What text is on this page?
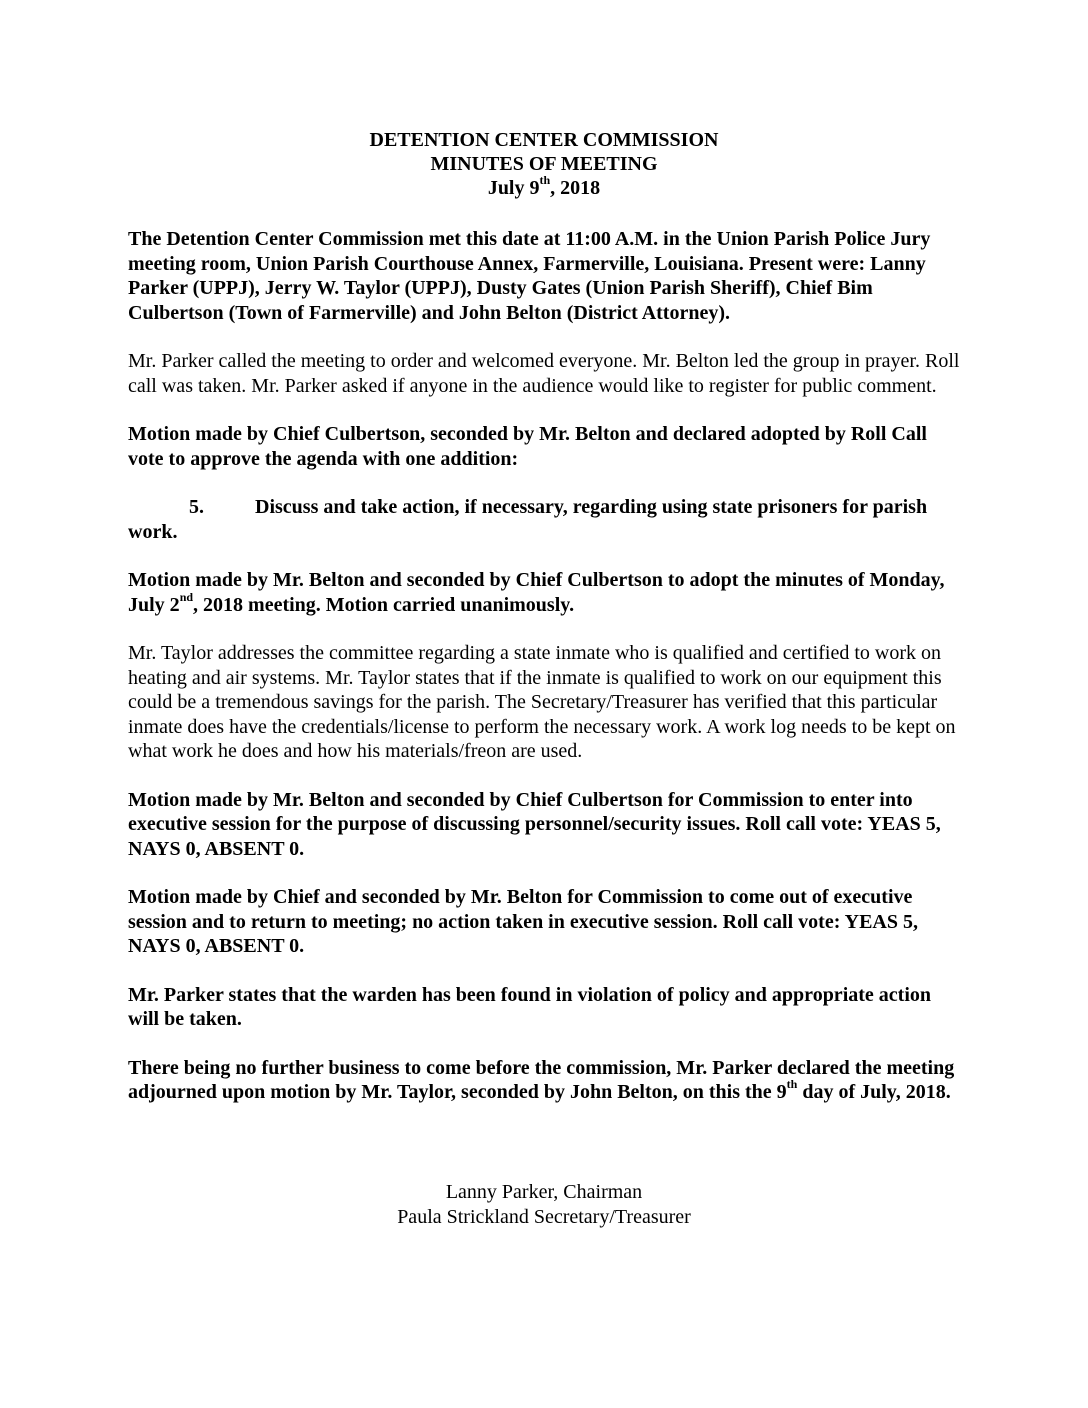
DETENTION CENTER COMMISSION
MINUTES OF MEETING
July 9th, 2018

The Detention Center Commission met this date at 11:00 A.M. in the Union Parish Police Jury meeting room, Union Parish Courthouse Annex, Farmerville, Louisiana. Present were: Lanny Parker (UPPJ), Jerry W. Taylor (UPPJ), Dusty Gates (Union Parish Sheriff), Chief Bim Culbertson (Town of Farmerville) and John Belton (District Attorney).

Mr. Parker called the meeting to order and welcomed everyone. Mr. Belton led the group in prayer. Roll call was taken. Mr. Parker asked if anyone in the audience would like to register for public comment.

Motion made by Chief Culbertson, seconded by Mr. Belton and declared adopted by Roll Call vote to approve the agenda with one addition:

5.	Discuss and take action, if necessary, regarding using state prisoners for parish work.

Motion made by Mr. Belton and seconded by Chief Culbertson to adopt the minutes of Monday, July 2nd, 2018 meeting. Motion carried unanimously.

Mr. Taylor addresses the committee regarding a state inmate who is qualified and certified to work on heating and air systems. Mr. Taylor states that if the inmate is qualified to work on our equipment this could be a tremendous savings for the parish. The Secretary/Treasurer has verified that this particular inmate does have the credentials/license to perform the necessary work. A work log needs to be kept on what work he does and how his materials/freon are used.

Motion made by Mr. Belton and seconded by Chief Culbertson for Commission to enter into executive session for the purpose of discussing personnel/security issues. Roll call vote: YEAS 5, NAYS 0, ABSENT 0.

Motion made by Chief and seconded by Mr. Belton for Commission to come out of executive session and to return to meeting; no action taken in executive session. Roll call vote: YEAS 5, NAYS 0, ABSENT 0.

Mr. Parker states that the warden has been found in violation of policy and appropriate action will be taken.

There being no further business to come before the commission, Mr. Parker declared the meeting adjourned upon motion by Mr. Taylor, seconded by John Belton, on this the 9th day of July, 2018.

Lanny Parker, Chairman
Paula Strickland Secretary/Treasurer
